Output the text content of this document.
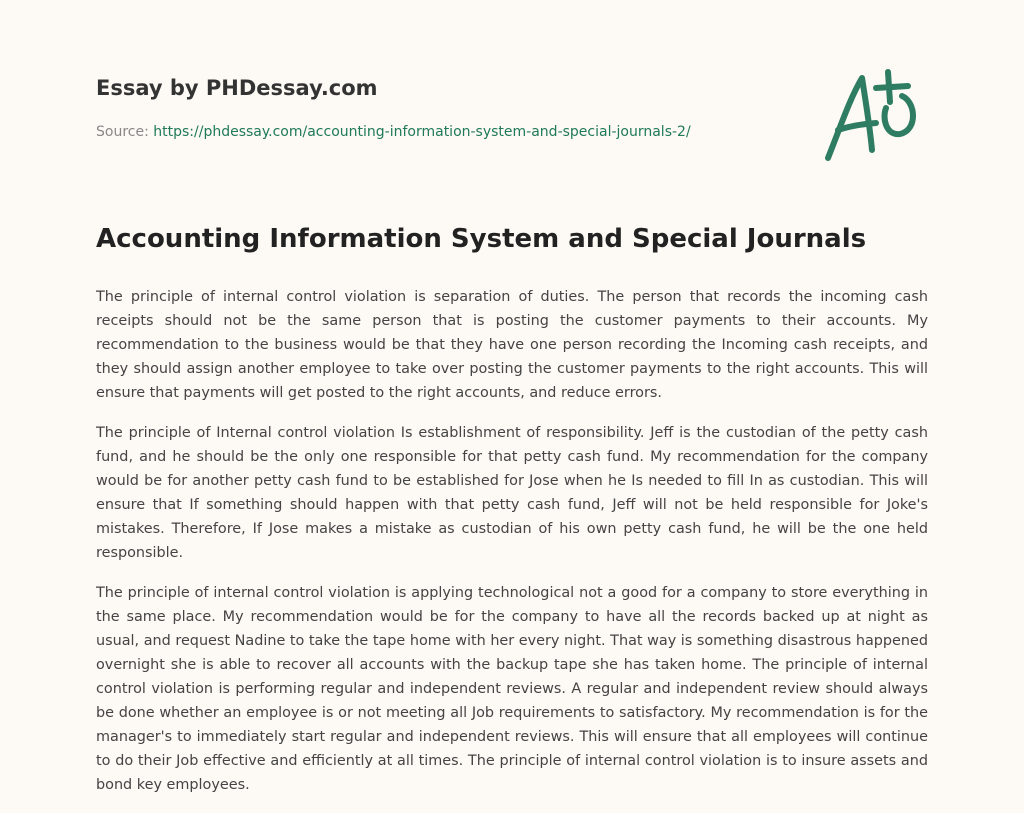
Essay by PHDessay.com

Source: https://phdessay.com/accounting-information-system-and-special-journals-2/
Accounting Information System and Special Journals

The principle of internal control violation is separation of duties. The person that records the incoming cash receipts should not be the same person that is posting the customer payments to their accounts. My recommendation to the business would be that they have one person recording the Incoming cash receipts, and they should assign another employee to take over posting the customer payments to the right accounts. This will ensure that payments will get posted to the right accounts, and reduce errors.

The principle of Internal control violation Is establishment of responsibility. Jeff is the custodian of the petty cash fund, and he should be the only one responsible for that petty cash fund. My recommendation for the company would be for another petty cash fund to be established for Jose when he Is needed to fill In as custodian. This will ensure that If something should happen with that petty cash fund, Jeff will not be held responsible for Joke's mistakes. Therefore, If Jose makes a mistake as custodian of his own petty cash fund, he will be the one held responsible.

The principle of internal control violation is applying technological not a good for a company to store everything in the same place. My recommendation would be for the company to have all the records backed up at night as usual, and request Nadine to take the tape home with her every night. That way is something disastrous happened overnight she is able to recover all accounts with the backup tape she has taken home. The principle of internal control violation is performing regular and independent reviews. A regular and independent review should always be done whether an employee is or not meeting all Job requirements to satisfactory. My recommendation is for the manager's to immediately start regular and independent reviews. This will ensure that all employees will continue to do their Job effective and efficiently at all times. The principle of internal control violation is to insure assets and bond key employees.
